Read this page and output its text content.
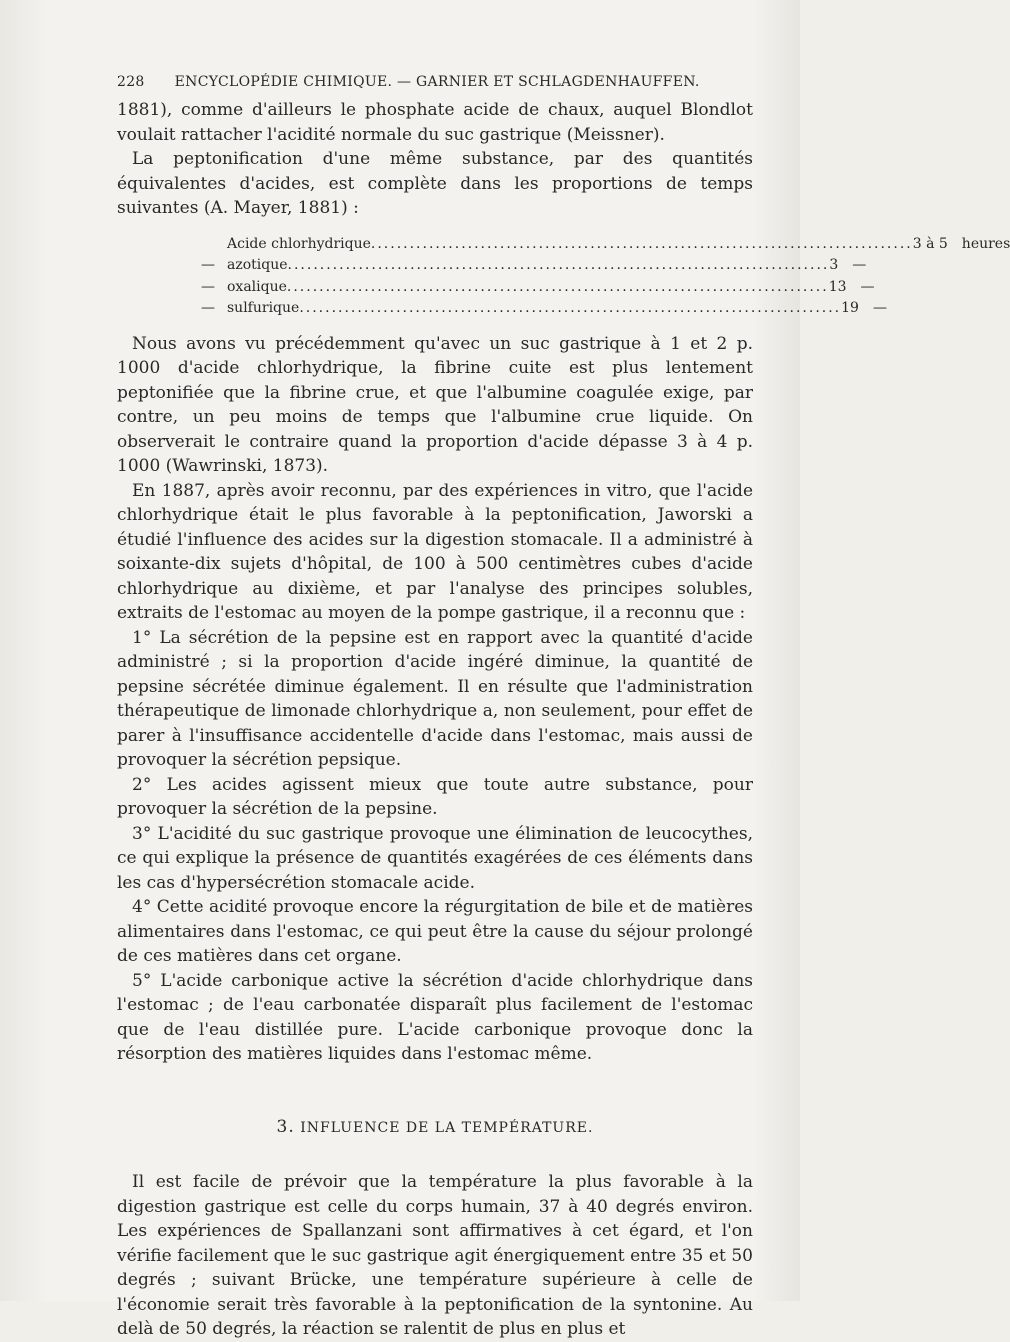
228 ENCYCLOPÉDIE CHIMIQUE. — GARNIER ET SCHLAGDENHAUFFEN.

1881), comme d'ailleurs le phosphate acide de chaux, auquel Blondlot voulait rattacher l'acidité normale du suc gastrique (Meissner).

La peptonification d'une même substance, par des quantités équivalentes d'acides, est complète dans les proportions de temps suivantes (A. Mayer, 1881) :

Acide chlorhydrique .................................................................................... 3 à 5	heures
— azotique .................................................................................... 3	—
— oxalique .................................................................................... 13	—
— sulfurique .................................................................................... 19	—

Nous avons vu précédemment qu'avec un suc gastrique à 1 et 2 p. 1000 d'acide chlorhydrique, la fibrine cuite est plus lentement peptonifiée que la fibrine crue, et que l'albumine coagulée exige, par contre, un peu moins de temps que l'albumine crue liquide. On observerait le contraire quand la proportion d'acide dépasse 3 à 4 p. 1000 (Wawrinski, 1873).

En 1887, après avoir reconnu, par des expériences in vitro, que l'acide chlorhydrique était le plus favorable à la peptonification, Jaworski a étudié l'influence des acides sur la digestion stomacale. Il a administré à soixante-dix sujets d'hôpital, de 100 à 500 centimètres cubes d'acide chlorhydrique au dixième, et par l'analyse des principes solubles, extraits de l'estomac au moyen de la pompe gastrique, il a reconnu que :

1° La sécrétion de la pepsine est en rapport avec la quantité d'acide administré ; si la proportion d'acide ingéré diminue, la quantité de pepsine sécrétée diminue également. Il en résulte que l'administration thérapeutique de limonade chlorhydrique a, non seulement, pour effet de parer à l'insuffisance accidentelle d'acide dans l'estomac, mais aussi de provoquer la sécrétion pepsique.

2° Les acides agissent mieux que toute autre substance, pour provoquer la sécrétion de la pepsine.

3° L'acidité du suc gastrique provoque une élimination de leucocythes, ce qui explique la présence de quantités exagérées de ces éléments dans les cas d'hypersécrétion stomacale acide.

4° Cette acidité provoque encore la régurgitation de bile et de matières alimentaires dans l'estomac, ce qui peut être la cause du séjour prolongé de ces matières dans cet organe.

5° L'acide carbonique active la sécrétion d'acide chlorhydrique dans l'estomac ; de l'eau carbonatée disparaît plus facilement de l'estomac que de l'eau distillée pure. L'acide carbonique provoque donc la résorption des matières liquides dans l'estomac même.

3. INFLUENCE DE LA TEMPÉRATURE.

Il est facile de prévoir que la température la plus favorable à la digestion gastrique est celle du corps humain, 37 à 40 degrés environ. Les expériences de Spallanzani sont affirmatives à cet égard, et l'on vérifie facilement que le suc gastrique agit énergiquement entre 35 et 50 degrés ; suivant Brücke, une température supérieure à celle de l'économie serait très favorable à la peptonification de la syntonine. Au delà de 50 degrés, la réaction se ralentit de plus en plus et
